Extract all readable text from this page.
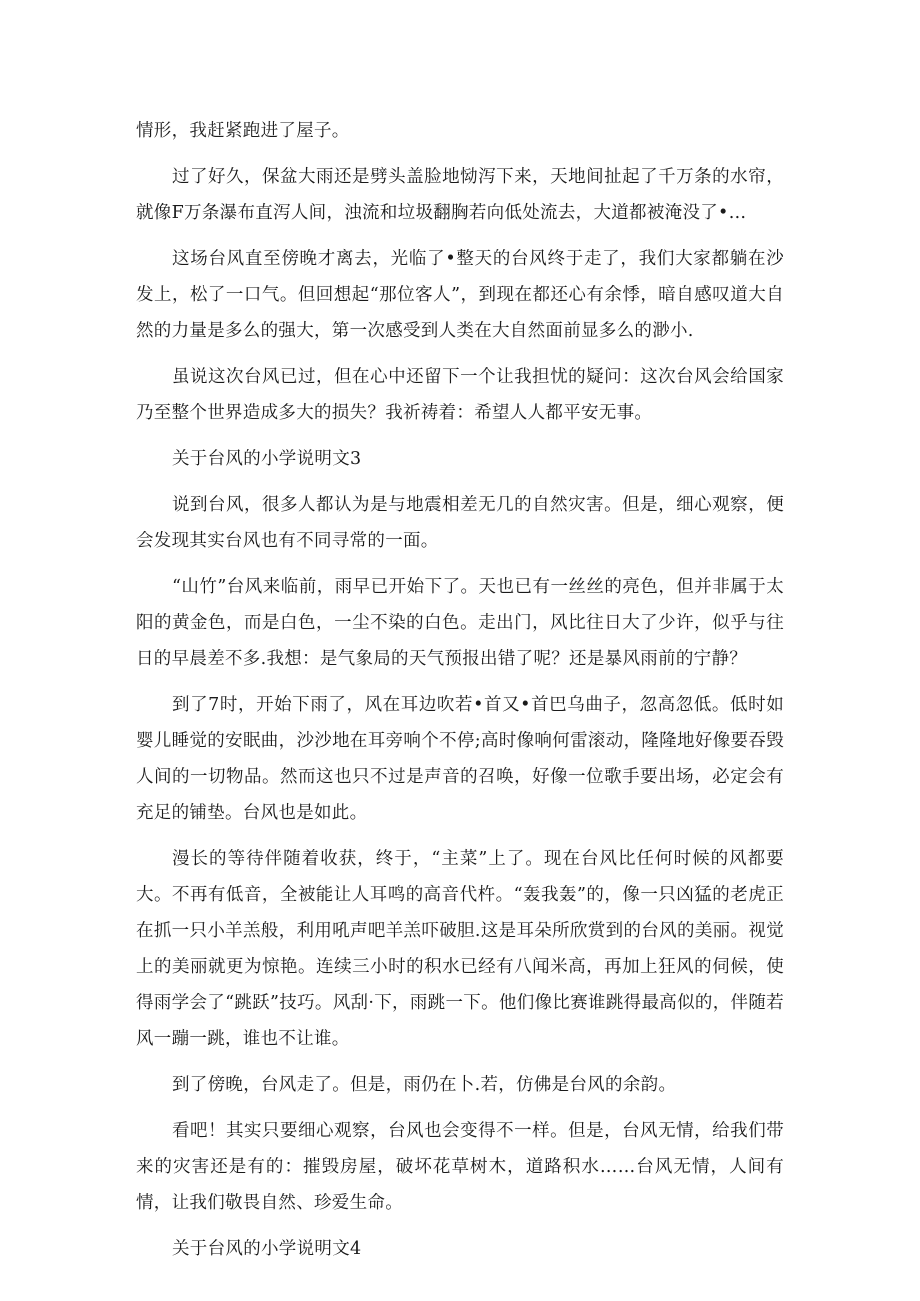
情形，我赶紧跑进了屋子。

过了好久，保盆大雨还是劈头盖脸地恸泻下来，天地间扯起了千万条的水帘，就像F万条瀑布直泻人间，浊流和垃圾翻胸若向低处流去，大道都被淹没了•…

这场台风直至傍晚才离去，光临了•整天的台风终于走了，我们大家都躺在沙发上，松了一口气。但回想起“那位客人”，到现在都还心有余悸，暗自感叹道大自然的力量是多么的强大，第一次感受到人类在大自然面前显多么的渺小.

虽说这次台风已过，但在心中还留下一个让我担忧的疑问：这次台风会给国家乃至整个世界造成多大的损失？我祈祷着：希望人人都平安无事。

关于台风的小学说明文3

说到台风，很多人都认为是与地震相差无几的自然灾害。但是，细心观察，便会发现其实台风也有不同寻常的一面。

“山竹”台风来临前，雨早已开始下了。天也已有一丝丝的亮色，但并非属于太阳的黄金色，而是白色，一尘不染的白色。走出门，风比往日大了少许，似乎与往日的早晨差不多.我想：是气象局的天气预报出错了呢？还是暴风雨前的宁静？

到了7时，开始下雨了，风在耳边吹若•首又•首巴乌曲子，忽高忽低。低时如婴儿睡觉的安眠曲，沙沙地在耳旁响个不停;高时像响何雷滚动，隆隆地好像要吞毁人间的一切物品。然而这也只不过是声音的召唤，好像一位歌手要出场，必定会有充足的铺垫。台风也是如此。

漫长的等待伴随着收获，终于，“主菜”上了。现在台风比任何时候的风都要大。不再有低音，全被能让人耳鸣的高音代杵。“轰我轰”的，像一只凶猛的老虎正在抓一只小羊羔般，利用吼声吧羊羔吓破胆.这是耳朵所欣赏到的台风的美丽。视觉上的美丽就更为惊艳。连续三小时的积水已经有八闻米高，再加上狂风的伺候，使得雨学会了“跳跃”技巧。风刮·下，雨跳一下。他们像比赛谁跳得最高似的，伴随若风一蹦一跳，谁也不让谁。

到了傍晚，台风走了。但是，雨仍在卜.若，仿佛是台风的余韵。

看吧！其实只要细心观察，台风也会变得不一样。但是，台风无情，给我们带来的灾害还是有的：摧毁房屋，破坏花草树木，道路积水……台风无情，人间有情，让我们敬畏自然、珍爱生命。

关于台风的小学说明文4
